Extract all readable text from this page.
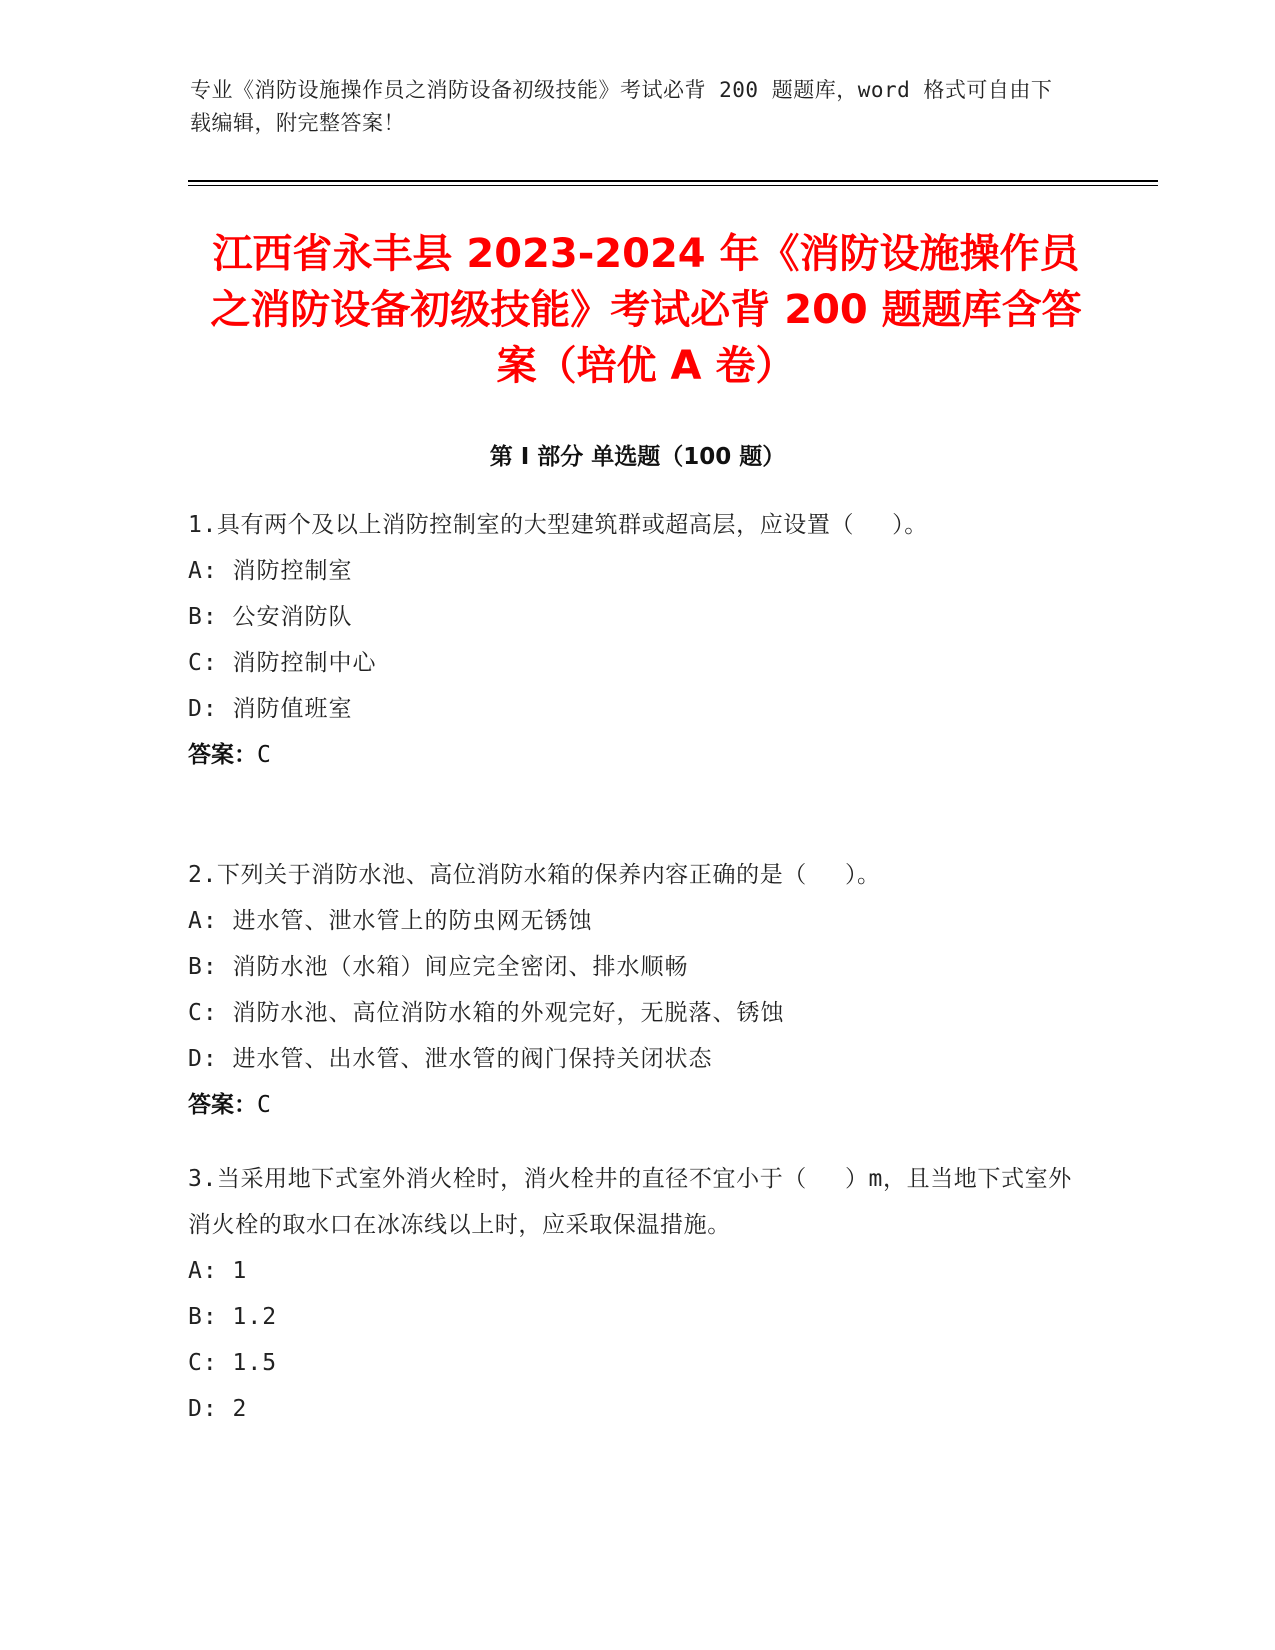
专业《消防设施操作员之消防设备初级技能》考试必背 200 题题库，word 格式可自由下载编辑，附完整答案！
江西省永丰县 2023-2024 年《消防设施操作员之消防设备初级技能》考试必背 200 题题库含答案（培优 A 卷）
第 I 部分 单选题（100 题）
1.具有两个及以上消防控制室的大型建筑群或超高层，应设置（　 ）。
A: 消防控制室
B: 公安消防队
C: 消防控制中心
D: 消防值班室
答案：C
2.下列关于消防水池、高位消防水箱的保养内容正确的是（　 ）。
A: 进水管、泄水管上的防虫网无锈蚀
B: 消防水池（水箱）间应完全密闭、排水顺畅
C: 消防水池、高位消防水箱的外观完好，无脱落、锈蚀
D: 进水管、出水管、泄水管的阀门保持关闭状态
答案：C
3.当采用地下式室外消火栓时，消火栓井的直径不宜小于（　 ）m，且当地下式室外消火栓的取水口在冰冻线以上时，应采取保温措施。
A: 1
B: 1.2
C: 1.5
D: 2
